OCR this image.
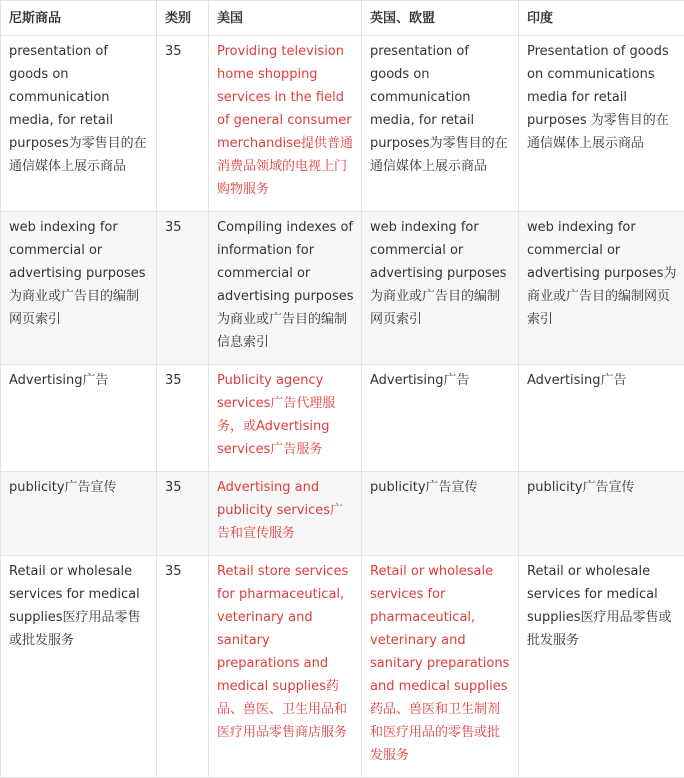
尼斯商品	类别	美国	英国、欧盟	印度
presentation of goods on communication media, for retail purposes为零售目的在通信媒体上展示商品	35	Providing television home shopping services in the field of general consumer merchandise提供普通消费品领域的电视上门购物服务	presentation of goods on communication media, for retail purposes为零售目的在通信媒体上展示商品	Presentation of goods on communications media for retail purposes 为零售目的在通信媒体上展示商品
web indexing for commercial or advertising purposes为商业或广告目的编制网页索引	35	Compiling indexes of information for commercial or advertising purposes为商业或广告目的编制信息索引	web indexing for commercial or advertising purposes为商业或广告目的编制网页索引	web indexing for commercial or advertising purposes为商业或广告目的编制网页索引
Advertising广告	35	Publicity agency services广告代理服务，或Advertising services广告服务	Advertising广告	Advertising广告
publicity广告宣传	35	Advertising and publicity services广告和宣传服务	publicity广告宣传	publicity广告宣传
Retail or wholesale services for medical supplies医疗用品零售或批发服务	35	Retail store services for pharmaceutical, veterinary and sanitary preparations and medical supplies药品、兽医、卫生用品和医疗用品零售商店服务	Retail or wholesale services for pharmaceutical, veterinary and sanitary preparations and medical supplies药品、兽医和卫生制剂和医疗用品的零售或批发服务	Retail or wholesale services for medical supplies医疗用品零售或批发服务
